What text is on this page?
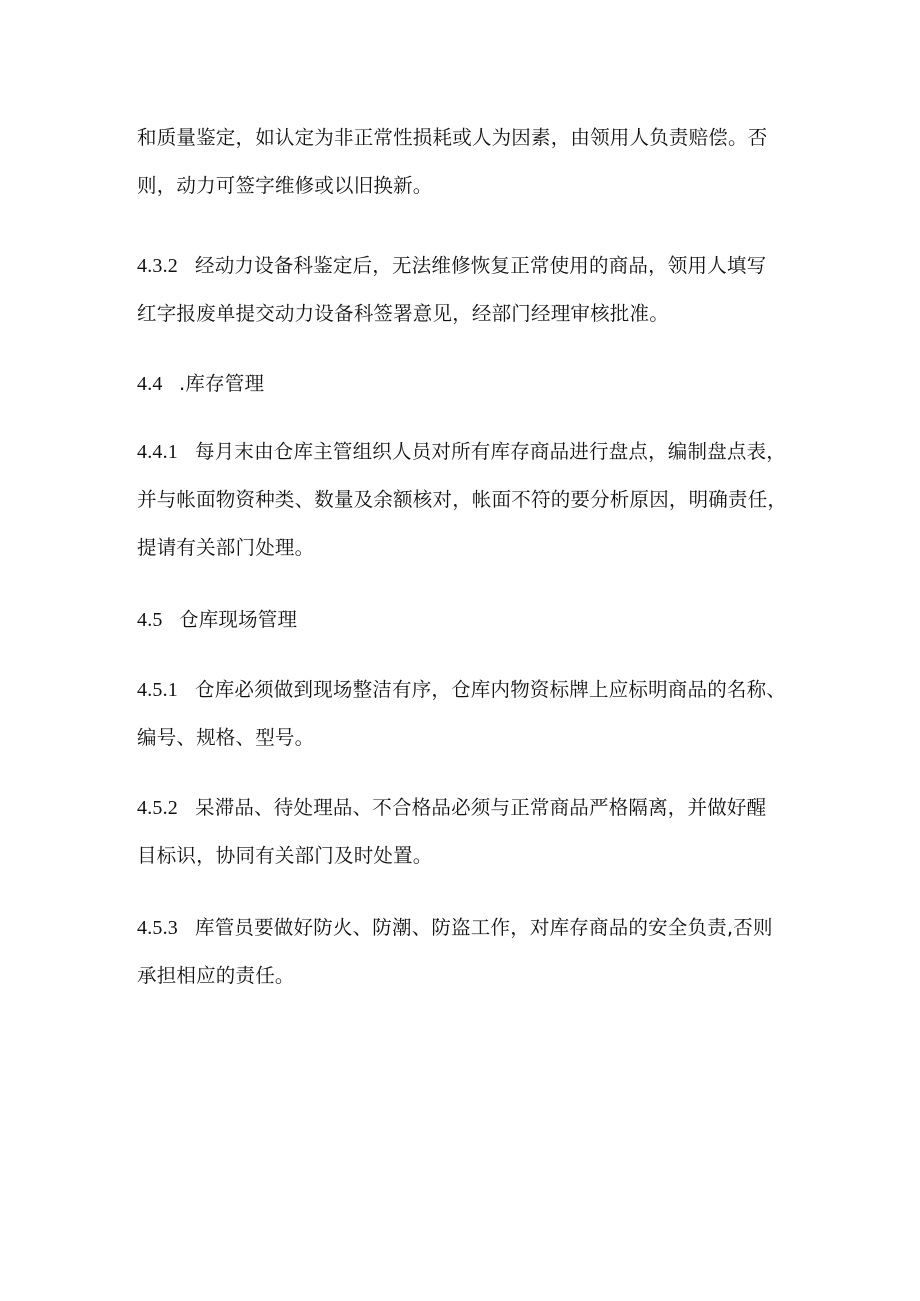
和质量鉴定，如认定为非正常性损耗或人为因素，由领用人负责赔偿。否
则，动力可签字维修或以旧换新。
4.3.2 经动力设备科鉴定后，无法维修恢复正常使用的商品，领用人填写
红字报废单提交动力设备科签署意见，经部门经理审核批准。
4.4 .库存管理
4.4.1 每月末由仓库主管组织人员对所有库存商品进行盘点，编制盘点表，
并与帐面物资种类、数量及余额核对，帐面不符的要分析原因，明确责任，
提请有关部门处理。
4.5 仓库现场管理
4.5.1 仓库必须做到现场整洁有序，仓库内物资标牌上应标明商品的名称、
编号、规格、型号。
4.5.2 呆滞品、待处理品、不合格品必须与正常商品严格隔离，并做好醒
目标识，协同有关部门及时处置。
4.5.3 库管员要做好防火、防潮、防盗工作，对库存商品的安全负责,否则
承担相应的责任。
